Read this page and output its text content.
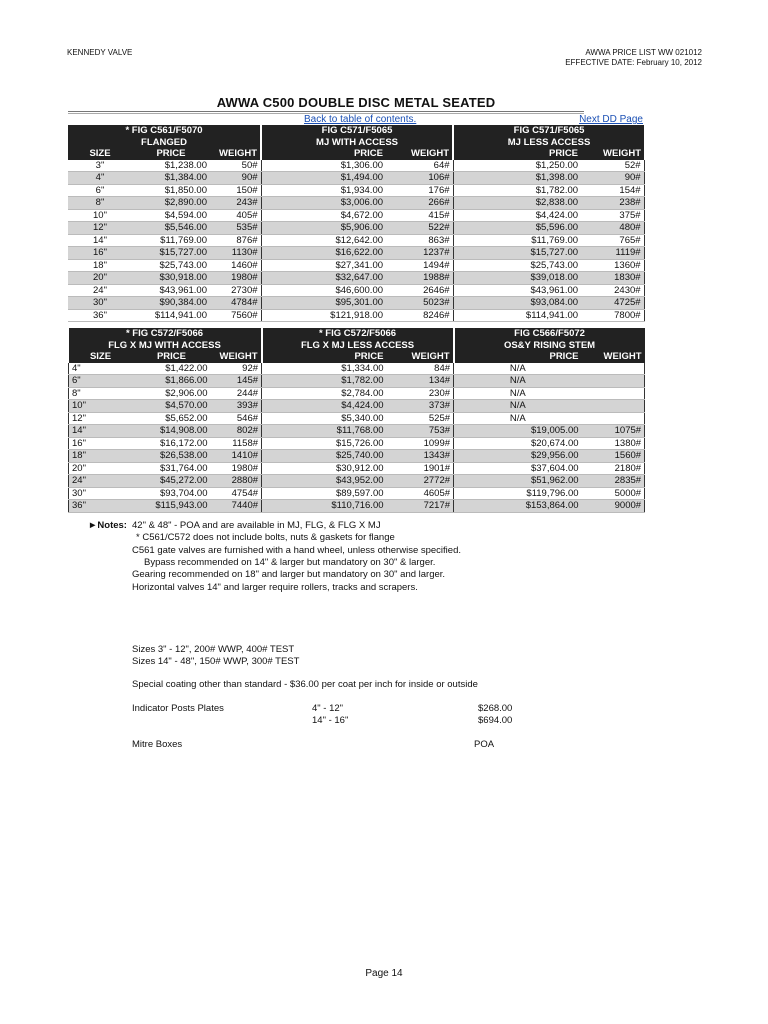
KENNEDY VALVE	AWWA PRICE LIST WW 021012
EFFECTIVE DATE: February 10, 2012
AWWA C500 DOUBLE DISC METAL SEATED
Back to table of contents.	Next DD Page
* FIG C561/F5070			FIG C571/F5065		FIG C571/F5065	
FLANGED			MJ WITH ACCESS		MJ LESS ACCESS	
SIZE	PRICE	WEIGHT	PRICE	WEIGHT	PRICE	WEIGHT
3"	$1,238.00	50#	$1,306.00	64#	$1,250.00	52#
4"	$1,384.00	90#	$1,494.00	106#	$1,398.00	90#
6"	$1,850.00	150#	$1,934.00	176#	$1,782.00	154#
8"	$2,890.00	243#	$3,006.00	266#	$2,838.00	238#
10"	$4,594.00	405#	$4,672.00	415#	$4,424.00	375#
12"	$5,546.00	535#	$5,906.00	522#	$5,596.00	480#
14"	$11,769.00	876#	$12,642.00	863#	$11,769.00	765#
16"	$15,727.00	1130#	$16,622.00	1237#	$15,727.00	1119#
18"	$25,743.00	1460#	$27,341.00	1494#	$25,743.00	1360#
20"	$30,918.00	1980#	$32,647.00	1988#	$39,018.00	1830#
24"	$43,961.00	2730#	$46,600.00	2646#	$43,961.00	2430#
30"	$90,384.00	4784#	$95,301.00	5023#	$93,084.00	4725#
36"	$114,941.00	7560#	$121,918.00	8246#	$114,941.00	7800#
* FIG C572/F5066			* FIG C572/F5066		FIG C566/F5072	
FLG X MJ WITH ACCESS			FLG X MJ LESS ACCESS		OS&Y RISING STEM	
SIZE	PRICE	WEIGHT	PRICE	WEIGHT	PRICE	WEIGHT
4"	$1,422.00	92#	$1,334.00	84#	N/A	
6"	$1,866.00	145#	$1,782.00	134#	N/A	
8"	$2,906.00	244#	$2,784.00	230#	N/A	
10"	$4,570.00	393#	$4,424.00	373#	N/A	
12"	$5,652.00	546#	$5,340.00	525#	N/A	
14"	$14,908.00	802#	$11,768.00	753#	$19,005.00	1075#
16"	$16,172.00	1158#	$15,726.00	1099#	$20,674.00	1380#
18"	$26,538.00	1410#	$25,740.00	1343#	$29,956.00	1560#
20"	$31,764.00	1980#	$30,912.00	1901#	$37,604.00	2180#
24"	$45,272.00	2880#	$43,952.00	2772#	$51,962.00	2835#
30"	$93,704.00	4754#	$89,597.00	4605#	$119,796.00	5000#
36"	$115,943.00	7440#	$110,716.00	7217#	$153,864.00	9000#
►Notes: 42" & 48" - POA and are available in MJ, FLG, & FLG X MJ
* C561/C572 does not include bolts, nuts & gaskets for flange
C561 gate valves are furnished with a hand wheel, unless otherwise specified.
Bypass recommended on 14" & larger but mandatory on 30" & larger.
Gearing recommended on 18" and larger but mandatory on 30" and larger.
Horizontal valves 14" and larger require rollers, tracks and scrapers.
Sizes 3" - 12", 200# WWP, 400# TEST
Sizes 14" - 48", 150# WWP, 300# TEST
Special coating other than standard - $36.00 per coat per inch for inside or outside
Indicator Posts Plates	4" - 12"	$268.00
14" - 16"	$694.00
Mitre Boxes	POA
Page 14
